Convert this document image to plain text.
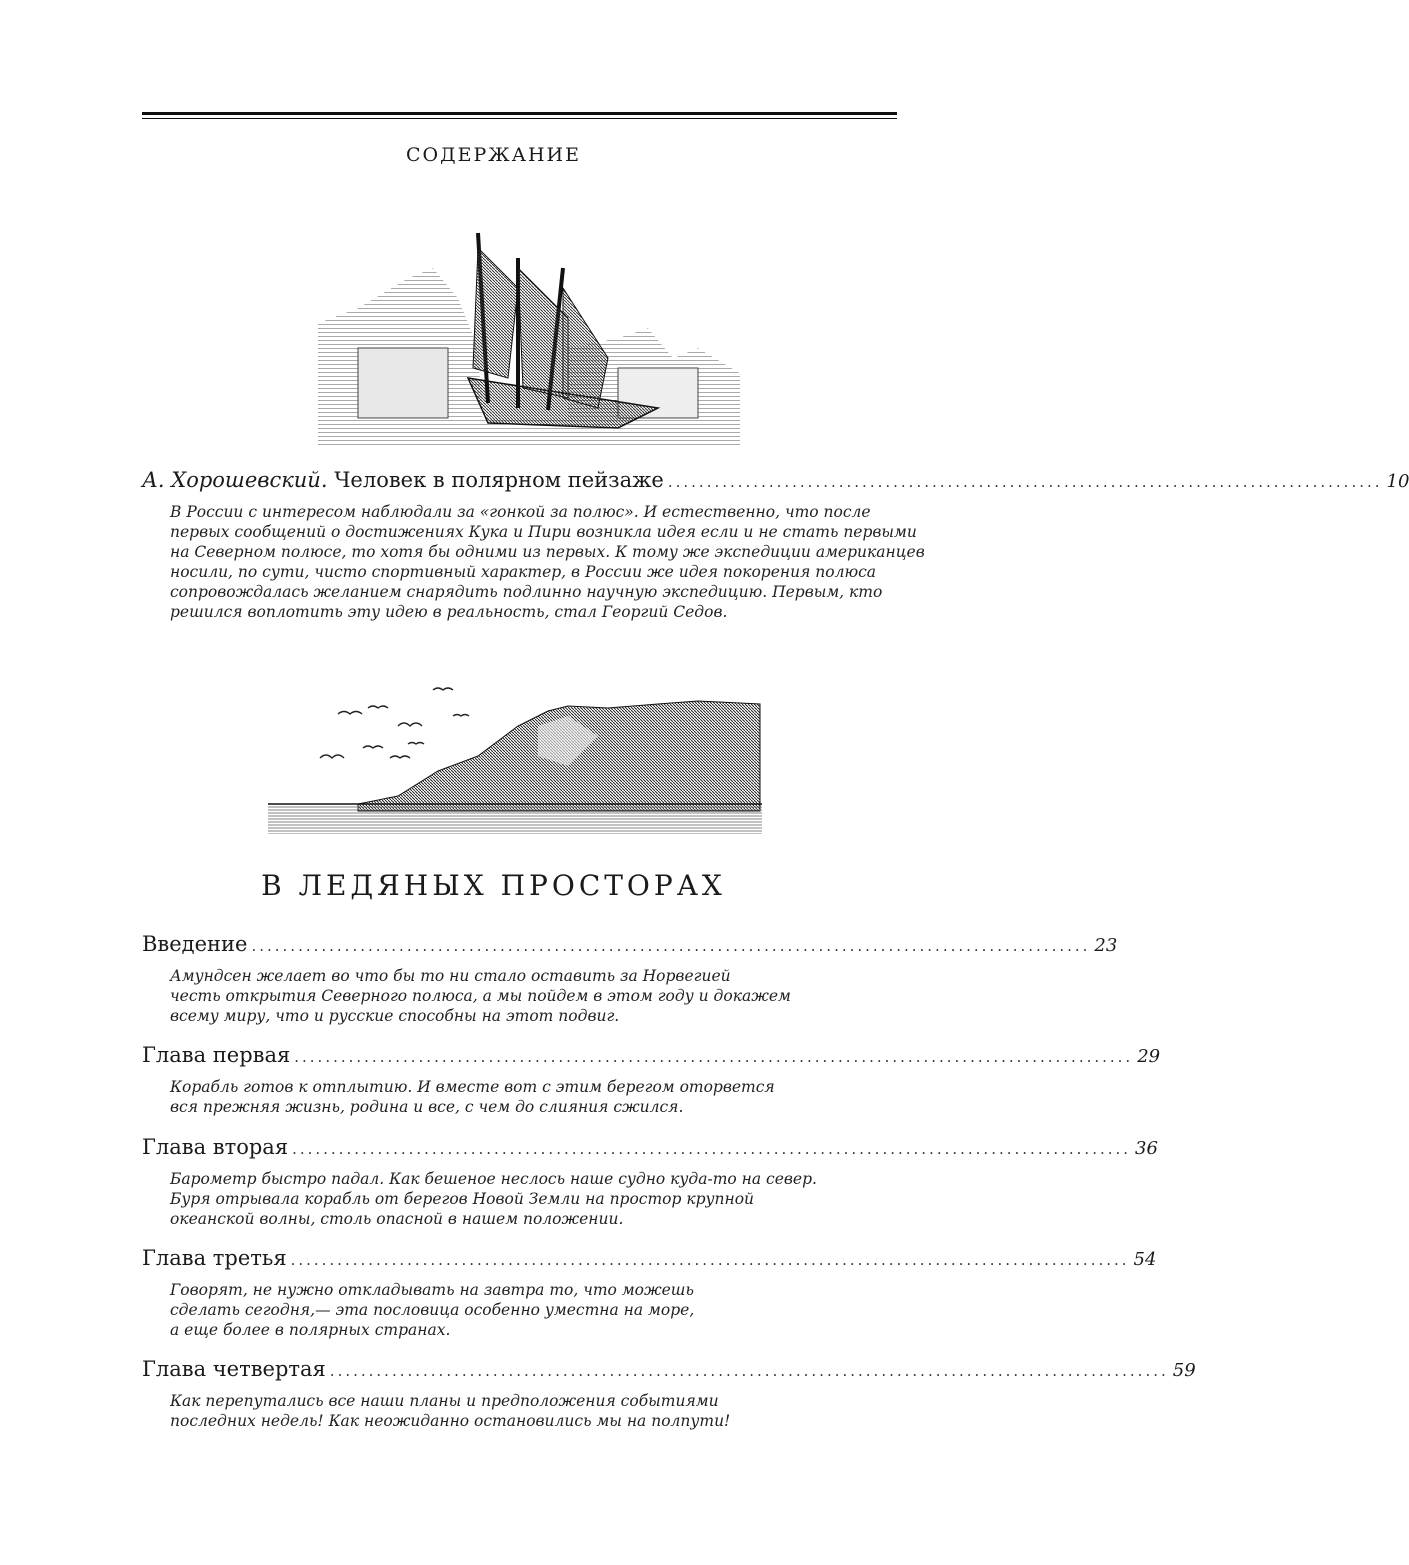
СОДЕРЖАНИЕ
А. Хорошевский. Человек в полярном пейзаже ............................................................................................ 10
В России с интересом наблюдали за «гонкой за полюс». И естественно, что после
первых сообщений о достижениях Кука и Пири возникла идея если и не стать первыми
на Северном полюсе, то хотя бы одними из первых. К тому же экспедиции американцев
носили, по сути, чисто спортивный характер, в России же идея покорения полюса
сопровождалась желанием снарядить подлинно научную экспедицию. Первым, кто
решился воплотить эту идею в реальность, стал Георгий Седов.
В ЛЕДЯНЫХ ПРОСТОРАХ
Введение ............................................................................................................ 23
Амундсен желает во что бы то ни стало оставить за Норвегией
честь открытия Северного полюса, а мы пойдем в этом году и докажем
всему миру, что и русские способны на этот подвиг.
Глава первая ............................................................................................................ 29
Корабль готов к отплытию. И вместе вот с этим берегом оторвется
вся прежняя жизнь, родина и все, с чем до слияния сжился.
Глава вторая ............................................................................................................ 36
Барометр быстро падал. Как бешеное неслось наше судно куда-то на север.
Буря отрывала корабль от берегов Новой Земли на простор крупной
океанской волны, столь опасной в нашем положении.
Глава третья ............................................................................................................ 54
Говорят, не нужно откладывать на завтра то, что можешь
сделать сегодня,— эта пословица особенно уместна на море,
а еще более в полярных странах.
Глава четвертая ............................................................................................................ 59
Как перепутались все наши планы и предположения событиями
последних недель! Как неожиданно остановились мы на полпути!
